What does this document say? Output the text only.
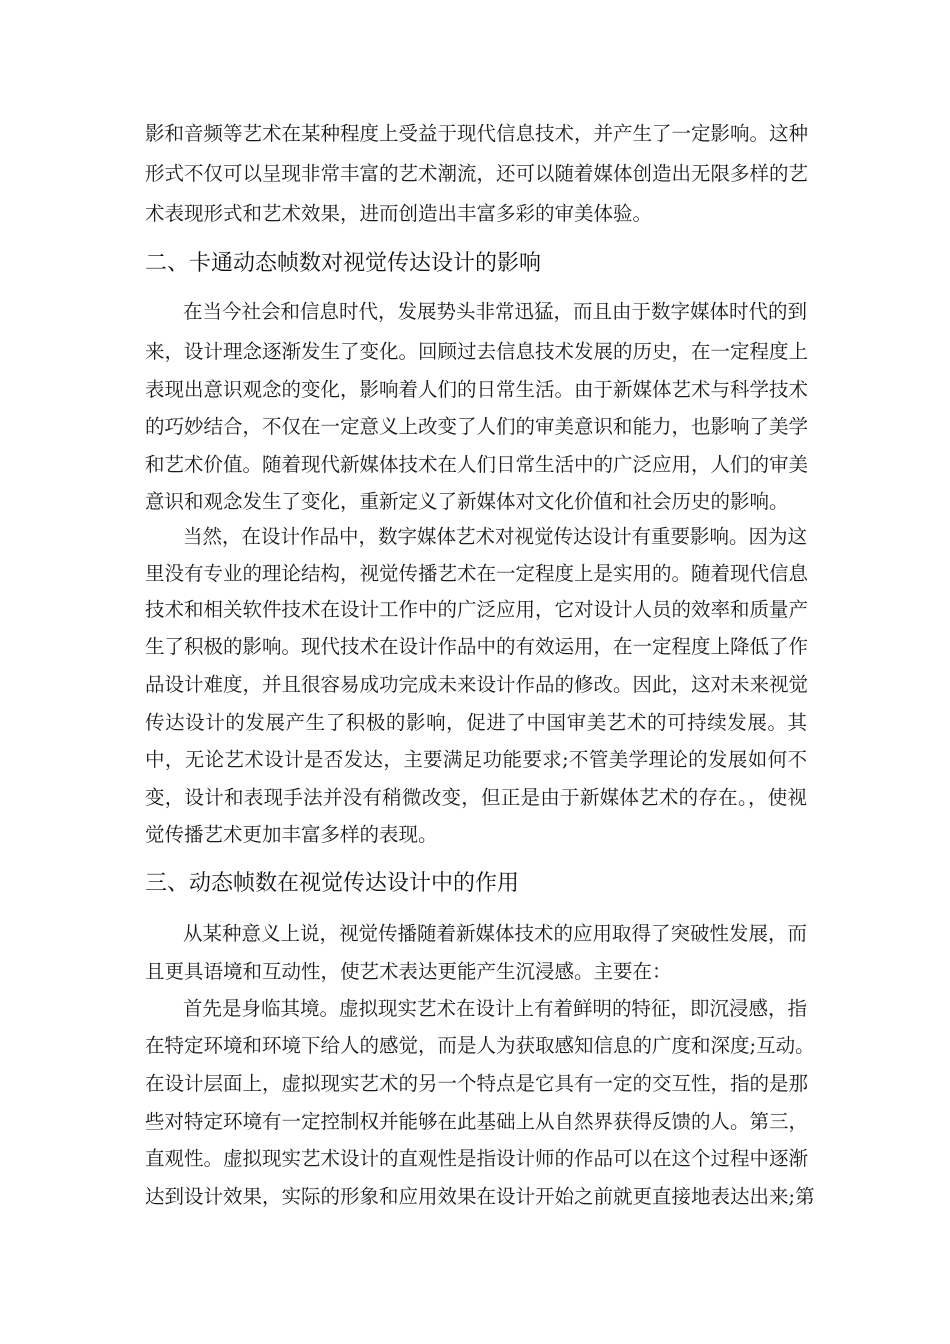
影和音频等艺术在某种程度上受益于现代信息技术，并产生了一定影响。这种
形式不仅可以呈现非常丰富的艺术潮流，还可以随着媒体创造出无限多样的艺
术表现形式和艺术效果，进而创造出丰富多彩的审美体验。
二、卡通动态帧数对视觉传达设计的影响
在当今社会和信息时代，发展势头非常迅猛，而且由于数字媒体时代的到
来，设计理念逐渐发生了变化。回顾过去信息技术发展的历史，在一定程度上
表现出意识观念的变化，影响着人们的日常生活。由于新媒体艺术与科学技术
的巧妙结合，不仅在一定意义上改变了人们的审美意识和能力，也影响了美学
和艺术价值。随着现代新媒体技术在人们日常生活中的广泛应用，人们的审美
意识和观念发生了变化，重新定义了新媒体对文化价值和社会历史的影响。
当然，在设计作品中，数字媒体艺术对视觉传达设计有重要影响。因为这
里没有专业的理论结构，视觉传播艺术在一定程度上是实用的。随着现代信息
技术和相关软件技术在设计工作中的广泛应用，它对设计人员的效率和质量产
生了积极的影响。现代技术在设计作品中的有效运用，在一定程度上降低了作
品设计难度，并且很容易成功完成未来设计作品的修改。因此，这对未来视觉
传达设计的发展产生了积极的影响，促进了中国审美艺术的可持续发展。其
中，无论艺术设计是否发达，主要满足功能要求;不管美学理论的发展如何不
变，设计和表现手法并没有稍微改变，但正是由于新媒体艺术的存在。，使视
觉传播艺术更加丰富多样的表现。
三、动态帧数在视觉传达设计中的作用
从某种意义上说，视觉传播随着新媒体技术的应用取得了突破性发展，而
且更具语境和互动性，使艺术表达更能产生沉浸感。主要在：
首先是身临其境。虚拟现实艺术在设计上有着鲜明的特征，即沉浸感，指
在特定环境和环境下给人的感觉，而是人为获取感知信息的广度和深度;互动。
在设计层面上，虚拟现实艺术的另一个特点是它具有一定的交互性，指的是那
些对特定环境有一定控制权并能够在此基础上从自然界获得反馈的人。第三，
直观性。虚拟现实艺术设计的直观性是指设计师的作品可以在这个过程中逐渐
达到设计效果，实际的形象和应用效果在设计开始之前就更直接地表达出来;第
